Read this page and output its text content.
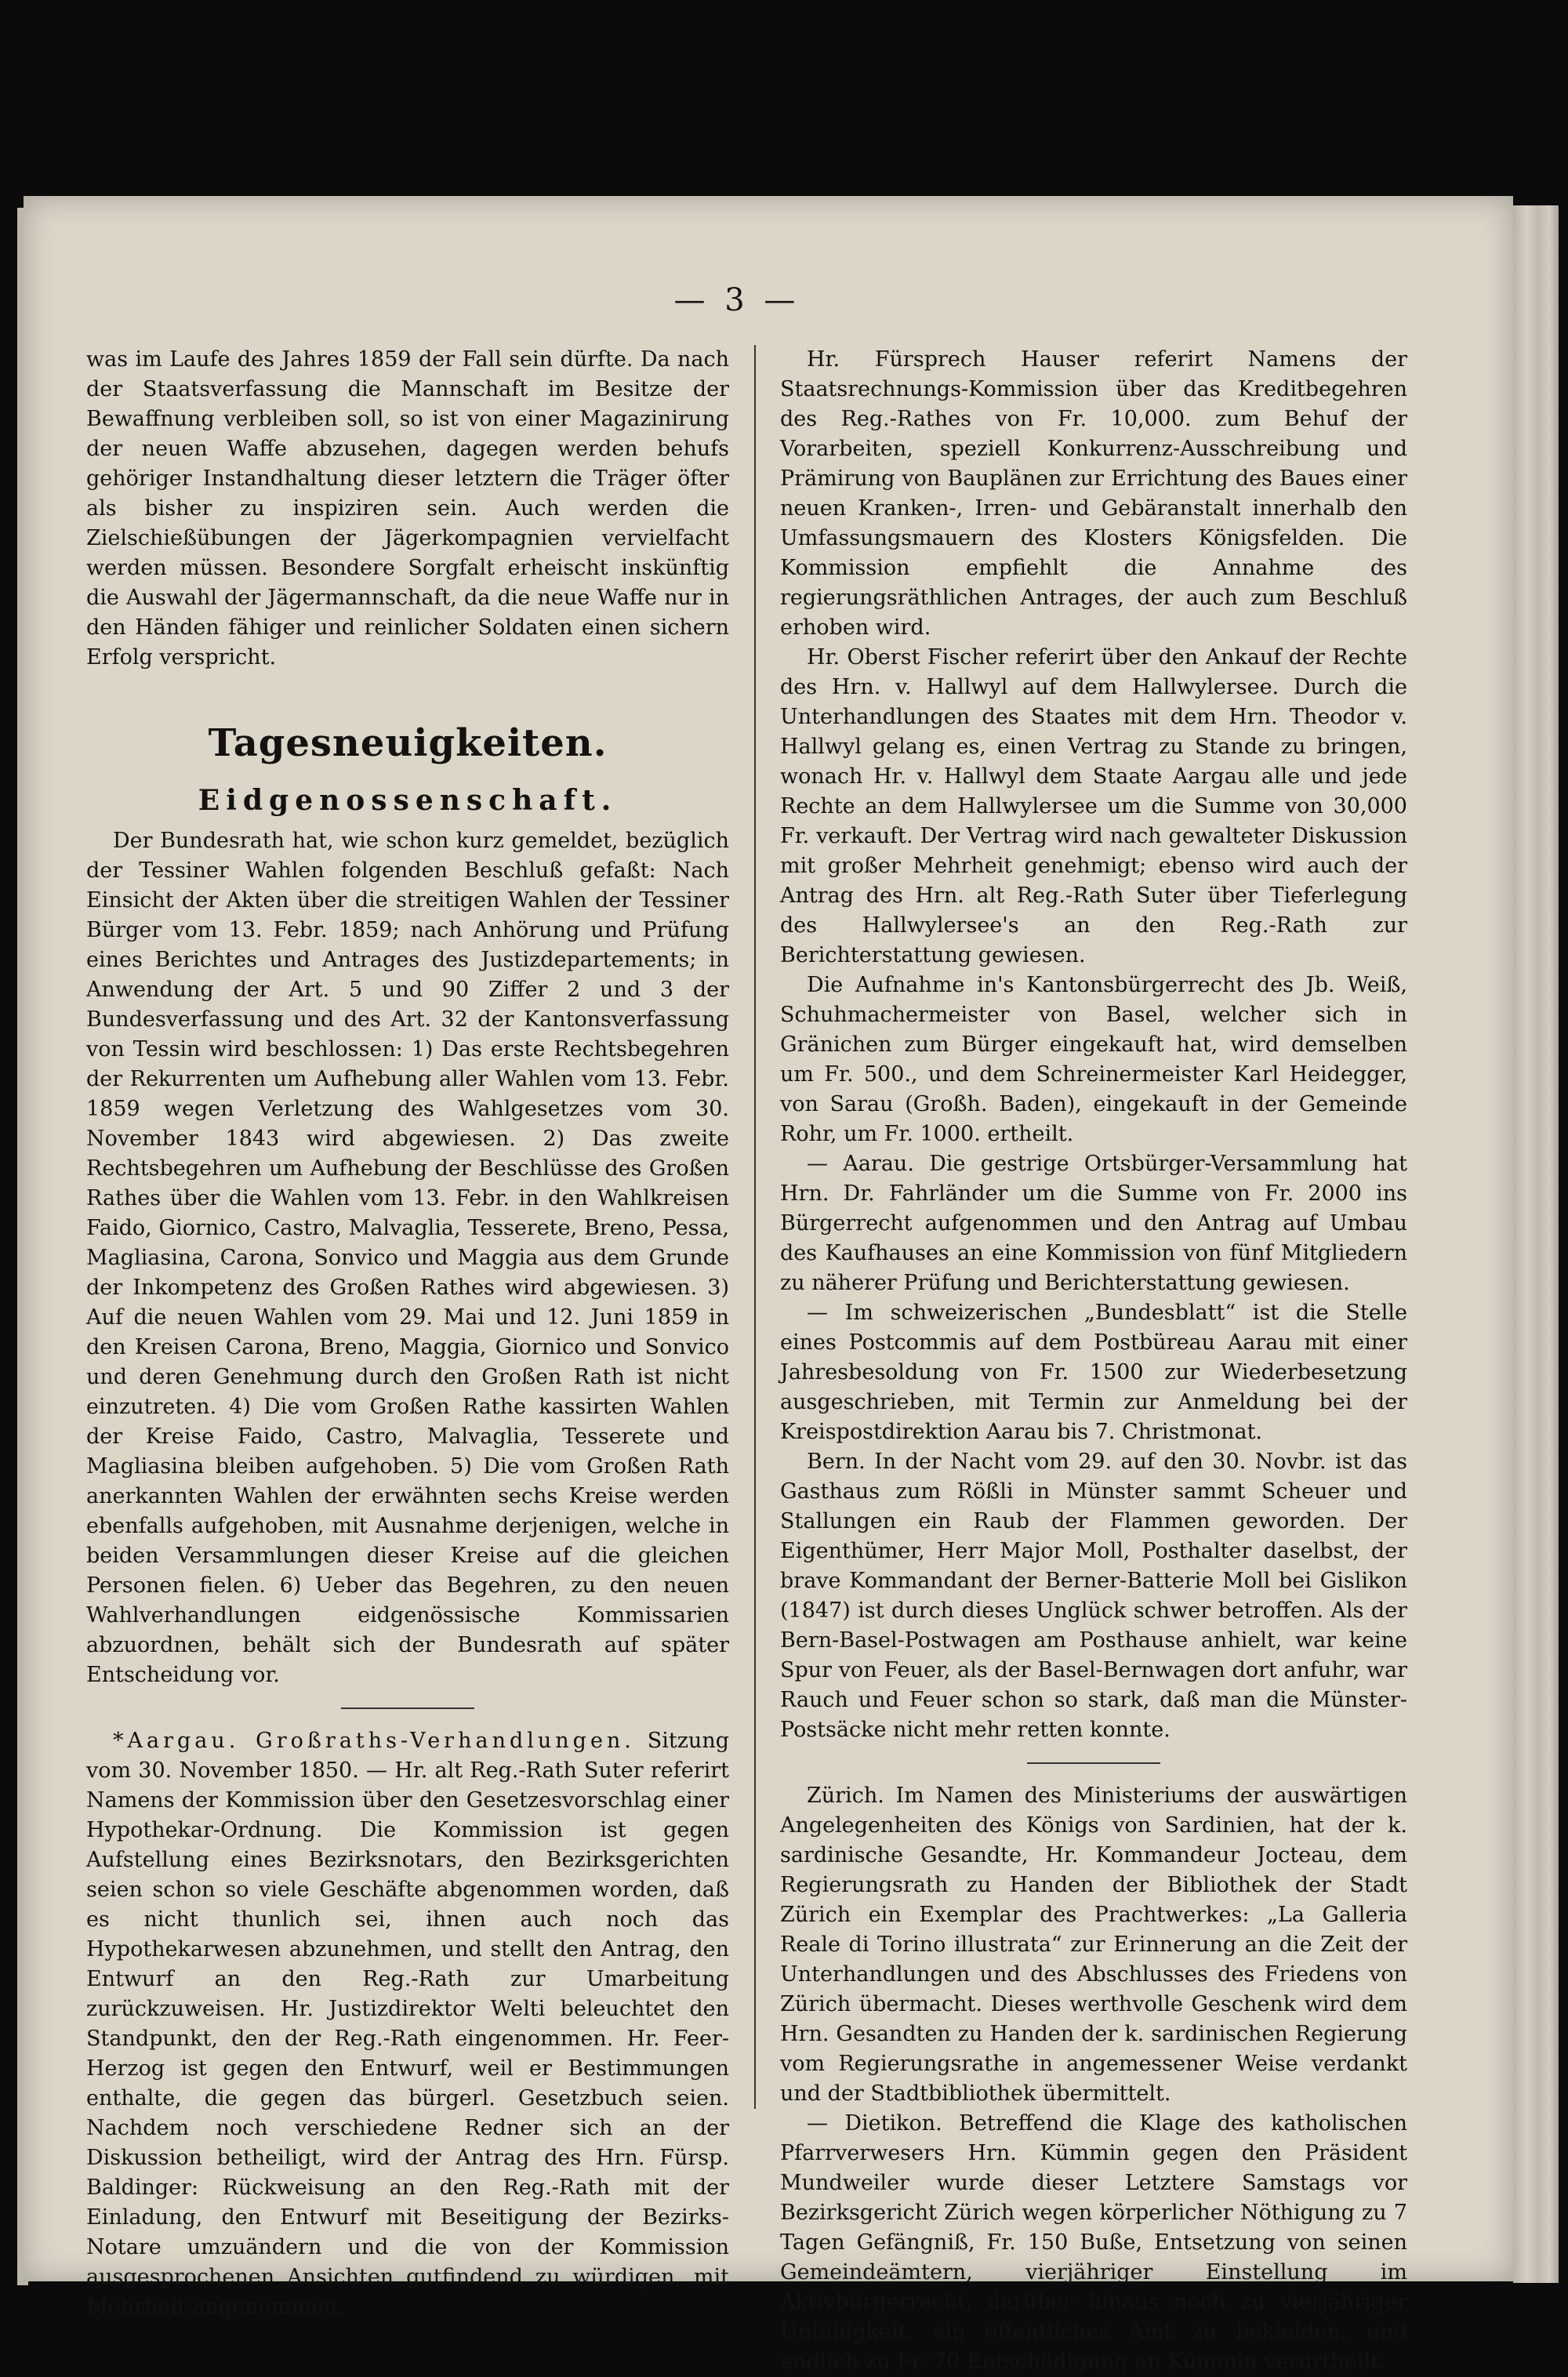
— 3 —

was im Laufe des Jahres 1859 der Fall sein dürfte. Da nach der Staatsverfassung die Mannschaft im Besitze der Bewaffnung verbleiben soll, so ist von einer Magazinirung der neuen Waffe abzusehen, dagegen werden behufs gehöriger Instandhaltung dieser letztern die Träger öfter als bisher zu inspiziren sein. Auch werden die Zielschießübungen der Jägerkompagnien vervielfacht werden müssen. Besondere Sorgfalt erheischt inskünftig die Auswahl der Jägermannschaft, da die neue Waffe nur in den Händen fähiger und reinlicher Soldaten einen sichern Erfolg verspricht.

Tagesneuigkeiten.
Eidgenossenschaft.

Der Bundesrath hat, wie schon kurz gemeldet, bezüglich der Tessiner Wahlen folgenden Beschluß gefaßt: Nach Einsicht der Akten über die streitigen Wahlen der Tessiner Bürger vom 13. Febr. 1859; nach Anhörung und Prüfung eines Berichtes und Antrages des Justizdepartements; in Anwendung der Art. 5 und 90 Ziffer 2 und 3 der Bundesverfassung und des Art. 32 der Kantonsverfassung von Tessin wird beschlossen: 1) Das erste Rechtsbegehren der Rekurrenten um Aufhebung aller Wahlen vom 13. Febr. 1859 wegen Verletzung des Wahlgesetzes vom 30. November 1843 wird abgewiesen. 2) Das zweite Rechtsbegehren um Aufhebung der Beschlüsse des Großen Rathes über die Wahlen vom 13. Febr. in den Wahlkreisen Faido, Giornico, Castro, Malvaglia, Tesserete, Breno, Pessa, Magliasina, Carona, Sonvico und Maggia aus dem Grunde der Inkompetenz des Großen Rathes wird abgewiesen. 3) Auf die neuen Wahlen vom 29. Mai und 12. Juni 1859 in den Kreisen Carona, Breno, Maggia, Giornico und Sonvico und deren Genehmung durch den Großen Rath ist nicht einzutreten. 4) Die vom Großen Rathe kassirten Wahlen der Kreise Faido, Castro, Malvaglia, Tesserete und Magliasina bleiben aufgehoben. 5) Die vom Großen Rath anerkannten Wahlen der erwähnten sechs Kreise werden ebenfalls aufgehoben, mit Ausnahme derjenigen, welche in beiden Versammlungen dieser Kreise auf die gleichen Personen fielen. 6) Ueber das Begehren, zu den neuen Wahlverhandlungen eidgenössische Kommissarien abzuordnen, behält sich der Bundesrath auf später Entscheidung vor.

*Aargau. Großraths-Verhandlungen. Sitzung vom 30. November 1850. — Hr. alt Reg.-Rath Suter referirt Namens der Kommission über den Gesetzesvorschlag einer Hypothekar-Ordnung. Die Kommission ist gegen Aufstellung eines Bezirksnotars, den Bezirksgerichten seien schon so viele Geschäfte abgenommen worden, daß es nicht thunlich sei, ihnen auch noch das Hypothekarwesen abzunehmen, und stellt den Antrag, den Entwurf an den Reg.-Rath zur Umarbeitung zurückzuweisen. Hr. Justizdirektor Welti beleuchtet den Standpunkt, den der Reg.-Rath eingenommen. Hr. Feer-Herzog ist gegen den Entwurf, weil er Bestimmungen enthalte, die gegen das bürgerl. Gesetzbuch seien. Nachdem noch verschiedene Redner sich an der Diskussion betheiligt, wird der Antrag des Hrn. Fürsp. Baldinger: Rückweisung an den Reg.-Rath mit der Einladung, den Entwurf mit Beseitigung der Bezirks-Notare umzuändern und die von der Kommission ausgesprochenen Ansichten gutfindend zu würdigen, mit Mehrheit angenommen.

Hr. Fürsprech Hauser referirt Namens der Staatsrechnungs-Kommission über das Kreditbegehren des Reg.-Rathes von Fr. 10,000. zum Behuf der Vorarbeiten, speziell Konkurrenz-Ausschreibung und Prämirung von Bauplänen zur Errichtung des Baues einer neuen Kranken-, Irren- und Gebäranstalt innerhalb den Umfassungsmauern des Klosters Königsfelden. Die Kommission empfiehlt die Annahme des regierungsräthlichen Antrages, der auch zum Beschluß erhoben wird.

Hr. Oberst Fischer referirt über den Ankauf der Rechte des Hrn. v. Hallwyl auf dem Hallwylersee. Durch die Unterhandlungen des Staates mit dem Hrn. Theodor v. Hallwyl gelang es, einen Vertrag zu Stande zu bringen, wonach Hr. v. Hallwyl dem Staate Aargau alle und jede Rechte an dem Hallwylersee um die Summe von 30,000 Fr. verkauft. Der Vertrag wird nach gewalteter Diskussion mit großer Mehrheit genehmigt; ebenso wird auch der Antrag des Hrn. alt Reg.-Rath Suter über Tieferlegung des Hallwylersee's an den Reg.-Rath zur Berichterstattung gewiesen.

Die Aufnahme in's Kantonsbürgerrecht des Jb. Weiß, Schuhmachermeister von Basel, welcher sich in Gränichen zum Bürger eingekauft hat, wird demselben um Fr. 500., und dem Schreinermeister Karl Heidegger, von Sarau (Großh. Baden), eingekauft in der Gemeinde Rohr, um Fr. 1000. ertheilt.

— Aarau. Die gestrige Ortsbürger-Versammlung hat Hrn. Dr. Fahrländer um die Summe von Fr. 2000 ins Bürgerrecht aufgenommen und den Antrag auf Umbau des Kaufhauses an eine Kommission von fünf Mitgliedern zu näherer Prüfung und Berichterstattung gewiesen.

— Im schweizerischen „Bundesblatt“ ist die Stelle eines Postcommis auf dem Postbüreau Aarau mit einer Jahresbesoldung von Fr. 1500 zur Wiederbesetzung ausgeschrieben, mit Termin zur Anmeldung bei der Kreispostdirektion Aarau bis 7. Christmonat.

Bern. In der Nacht vom 29. auf den 30. Novbr. ist das Gasthaus zum Rößli in Münster sammt Scheuer und Stallungen ein Raub der Flammen geworden. Der Eigenthümer, Herr Major Moll, Posthalter daselbst, der brave Kommandant der Berner-Batterie Moll bei Gislikon (1847) ist durch dieses Unglück schwer betroffen. Als der Bern-Basel-Postwagen am Posthause anhielt, war keine Spur von Feuer, als der Basel-Bernwagen dort anfuhr, war Rauch und Feuer schon so stark, daß man die Münster-Postsäcke nicht mehr retten konnte.

Zürich. Im Namen des Ministeriums der auswärtigen Angelegenheiten des Königs von Sardinien, hat der k. sardinische Gesandte, Hr. Kommandeur Jocteau, dem Regierungsrath zu Handen der Bibliothek der Stadt Zürich ein Exemplar des Prachtwerkes: „La Galleria Reale di Torino illustrata“ zur Erinnerung an die Zeit der Unterhandlungen und des Abschlusses des Friedens von Zürich übermacht. Dieses werthvolle Geschenk wird dem Hrn. Gesandten zu Handen der k. sardinischen Regierung vom Regierungsrathe in angemessener Weise verdankt und der Stadtbibliothek übermittelt.

— Dietikon. Betreffend die Klage des katholischen Pfarrverwesers Hrn. Kümmin gegen den Präsident Mundweiler wurde dieser Letztere Samstags vor Bezirksgericht Zürich wegen körperlicher Nöthigung zu 7 Tagen Gefängniß, Fr. 150 Buße, Entsetzung von seinen Gemeindeämtern, vierjähriger Einstellung im Aktivbürgerrecht, darüber hinaus noch zu vierjähriger Unfähigkeit, ein öffentliches Amt zu bekleiden, und endlich zu Fr. 70 Entschädigung an Kümmin verurtheilt.
